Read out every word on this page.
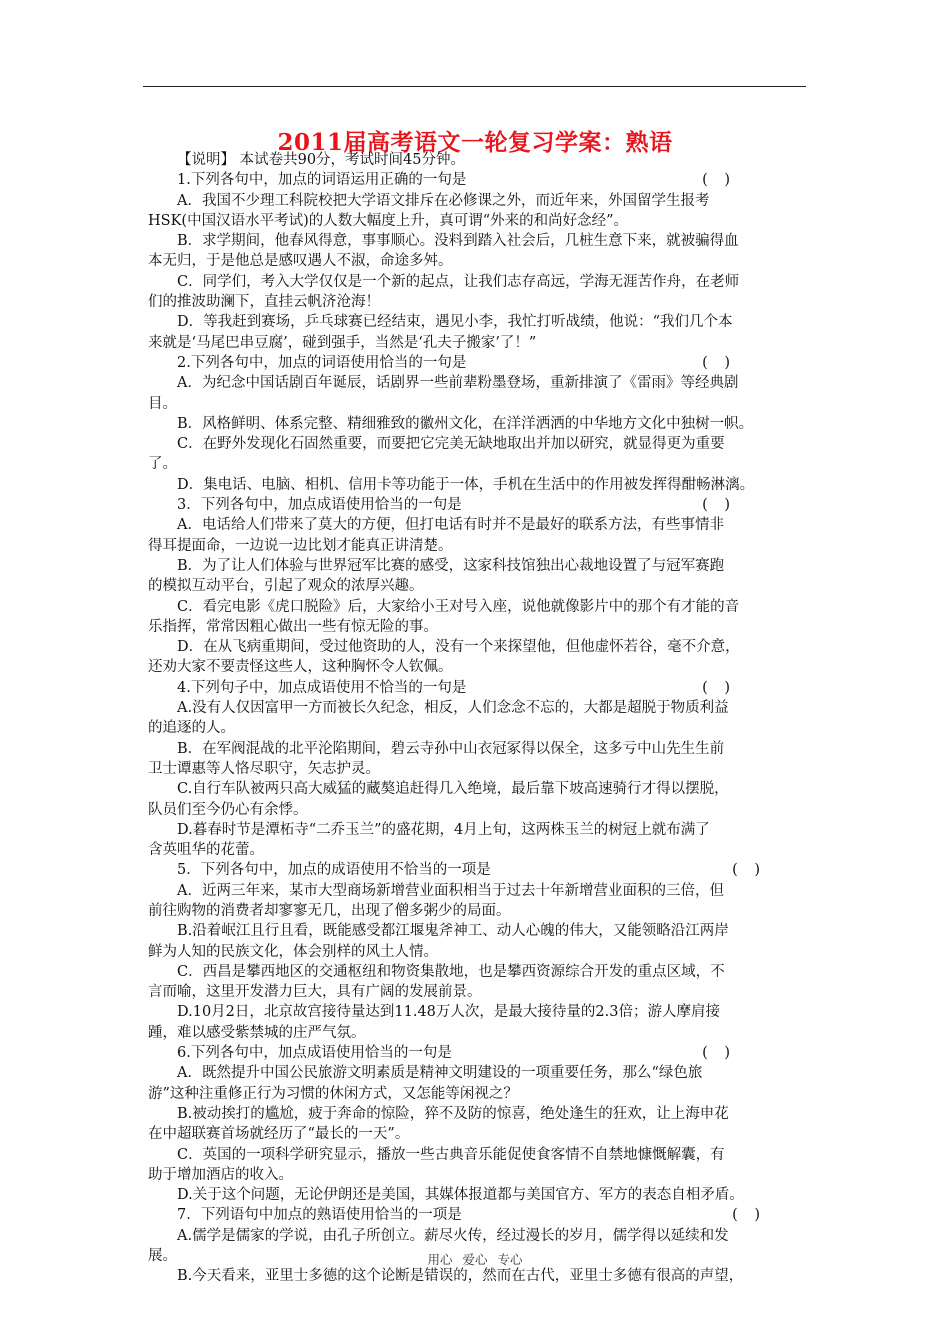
2011届高考语文一轮复习学案：熟语
【说明】 本试卷共90分，考试时间45分钟。
1.下列各句中，加点的词语运用正确的一句是	( )
A．我国不少理工科院校把大学语文排斥在必修课之外，而近年来，外国留学生报考
HSK(中国汉语水平考试)的人数大幅度上升，真可谓“外来的和尚好念经”。
B．求学期间，他春风得意，事事顺心。没料到踏入社会后，几桩生意下来，就被骗得血
本无归，于是他总是感叹遇人不淑，命途多舛。
C．同学们，考入大学仅仅是一个新的起点，让我们志存高远，学海无涯苦作舟，在老师
们的推波助澜下，直挂云帆济沧海！
D．等我赶到赛场，乒乓球赛已经结束，遇见小李，我忙打听战绩，他说：“我们几个本
来就是‘马尾巴串豆腐’，碰到强手，当然是‘孔夫子搬家’了！”
2.下列各句中，加点的词语使用恰当的一句是	( )
A．为纪念中国话剧百年诞辰，话剧界一些前辈粉墨登场，重新排演了《雷雨》等经典剧
目。
B．风格鲜明、体系完整、精细雅致的徽州文化，在洋洋洒洒的中华地方文化中独树一帜。
C．在野外发现化石固然重要，而要把它完美无缺地取出并加以研究，就显得更为重要
了。
D．集电话、电脑、相机、信用卡等功能于一体，手机在生活中的作用被发挥得酣畅淋漓。
3．下列各句中，加点成语使用恰当的一句是	( )
A．电话给人们带来了莫大的方便，但打电话有时并不是最好的联系方法，有些事情非
得耳提面命，一边说一边比划才能真正讲清楚。
B．为了让人们体验与世界冠军比赛的感受，这家科技馆独出心裁地设置了与冠军赛跑
的模拟互动平台，引起了观众的浓厚兴趣。
C．看完电影《虎口脱险》后，大家给小王对号入座，说他就像影片中的那个有才能的音
乐指挥，常常因粗心做出一些有惊无险的事。
D．在从飞病重期间，受过他资助的人，没有一个来探望他，但他虚怀若谷，毫不介意，
还劝大家不要责怪这些人，这种胸怀令人钦佩。
4.下列句子中，加点成语使用不恰当的一句是	( )
A.没有人仅因富甲一方而被长久纪念，相反，人们念念不忘的，大都是超脱于物质利益
的追逐的人。
B．在军阀混战的北平沦陷期间，碧云寺孙中山衣冠冢得以保全，这多亏中山先生生前
卫士谭惠等人恪尽职守，矢志护灵。
C.自行车队被两只高大威猛的藏獒追赶得几入绝境，最后靠下坡高速骑行才得以摆脱，
队员们至今仍心有余悸。
D.暮春时节是潭柘寺“二乔玉兰”的盛花期，4月上旬，这两株玉兰的树冠上就布满了
含英咀华的花蕾。
5．下列各句中，加点的成语使用不恰当的一项是	( )
A．近两三年来，某市大型商场新增营业面积相当于过去十年新增营业面积的三倍，但
前往购物的消费者却寥寥无几，出现了僧多粥少的局面。
B.沿着岷江且行且看，既能感受都江堰鬼斧神工、动人心魄的伟大，又能领略沿江两岸
鲜为人知的民族文化，体会别样的风土人情。
C．西昌是攀西地区的交通枢纽和物资集散地，也是攀西资源综合开发的重点区域，不
言而喻，这里开发潜力巨大，具有广阔的发展前景。
D.10月2日，北京故宫接待量达到11.48万人次，是最大接待量的2.3倍；游人摩肩接
踵，难以感受紫禁城的庄严气氛。
6.下列各句中，加点成语使用恰当的一句是	( )
A．既然提升中国公民旅游文明素质是精神文明建设的一项重要任务，那么“绿色旅
游”这种注重修正行为习惯的休闲方式，又怎能等闲视之？
B.被动挨打的尴尬，疲于奔命的惊险，猝不及防的惊喜，绝处逢生的狂欢，让上海申花
在中超联赛首场就经历了“最长的一天”。
C．英国的一项科学研究显示，播放一些古典音乐能促使食客情不自禁地慷慨解囊，有
助于增加酒店的收入。
D.关于这个问题，无论伊朗还是美国，其媒体报道都与美国官方、军方的表态自相矛盾。
7．下列语句中加点的熟语使用恰当的一项是	( )
A.儒学是儒家的学说，由孔子所创立。薪尽火传，经过漫长的岁月，儒学得以延续和发
展。
B.今天看来，亚里士多德的这个论断是错误的，然而在古代，亚里士多德有很高的声望，
用心 爱心 专心
